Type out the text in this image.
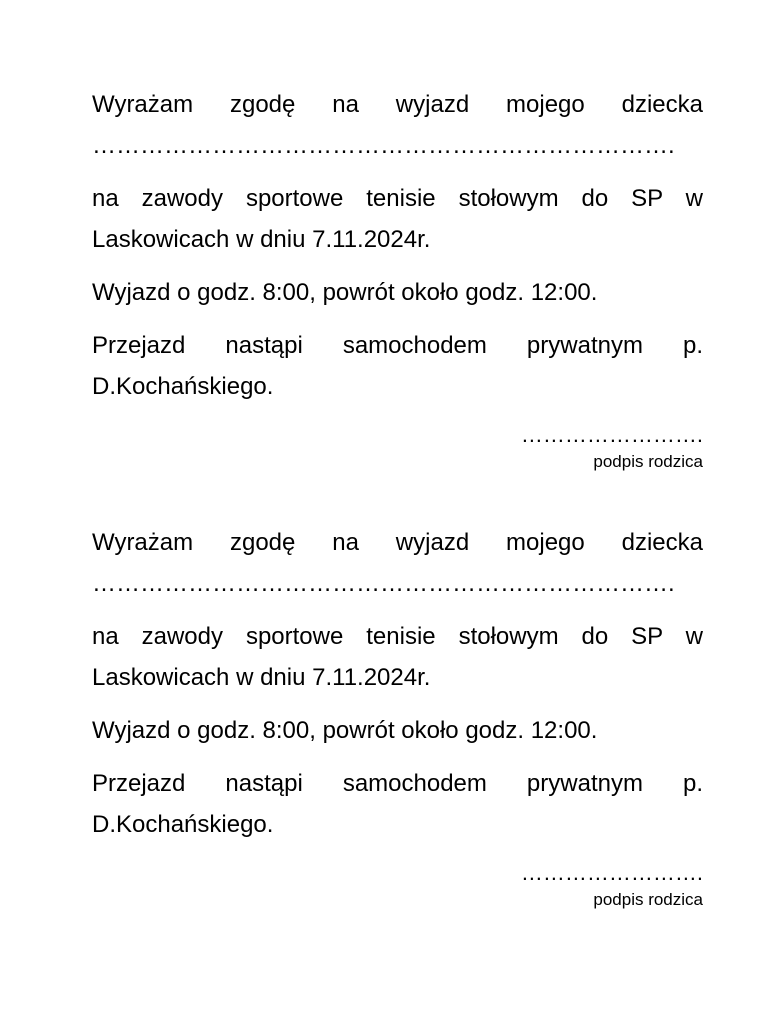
Wyrażam zgodę na wyjazd mojego dziecka
……………………………………………………………….

na zawody sportowe tenisie stołowym do SP w Laskowicach w dniu 7.11.2024r.

Wyjazd o godz. 8:00, powrót około godz. 12:00.

Przejazd nastąpi samochodem prywatnym p. D.Kochańskiego.

…………………….
podpis rodzica

Wyrażam zgodę na wyjazd mojego dziecka
……………………………………………………………….

na zawody sportowe tenisie stołowym do SP w Laskowicach w dniu 7.11.2024r.

Wyjazd o godz. 8:00, powrót około godz. 12:00.

Przejazd nastąpi samochodem prywatnym p. D.Kochańskiego.

…………………….
podpis rodzica
